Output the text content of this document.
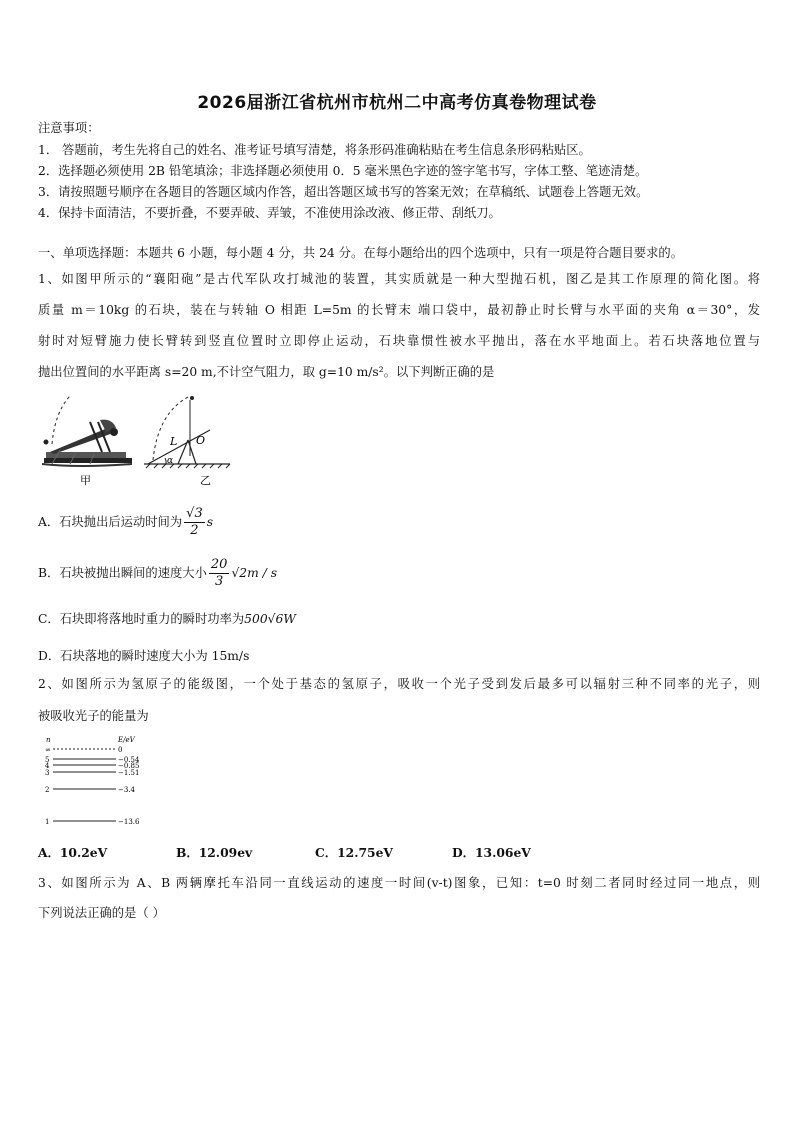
2026届浙江省杭州市杭州二中高考仿真卷物理试卷
注意事项：
1． 答题前，考生先将自己的姓名、准考证号填写清楚，将条形码准确粘贴在考生信息条形码粘贴区。
2．选择题必须使用 2B 铅笔填涂；非选择题必须使用 0．5 毫米黑色字迹的签字笔书写，字体工整、笔迹清楚。
3．请按照题号顺序在各题目的答题区域内作答，超出答题区域书写的答案无效；在草稿纸、试题卷上答题无效。
4．保持卡面清洁，不要折叠，不要弄破、弄皱，不准使用涂改液、修正带、刮纸刀。
一、单项选择题：本题共 6 小题，每小题 4 分，共 24 分。在每小题给出的四个选项中，只有一项是符合题目要求的。
1、如图甲所示的“襄阳砲”是古代军队攻打城池的装置，其实质就是一种大型抛石机，图乙是其工作原理的简化图。将
质量 m＝10kg 的石块，装在与转轴 O 相距 L=5m 的长臂末 端口袋中，最初静止时长臂与水平面的夹角 α＝30°，发
射时对短臂施力使长臂转到竖直位置时立即停止运动，石块靠惯性被水平抛出，落在水平地面上。若石块落地位置与
抛出位置间的水平距离 s=20 m,不计空气阻力，取 g=10 m/s²。以下判断正确的是
L O
α
甲	乙
A．石块抛出后运动时间为 $\frac{√3}{2}$ s
B．石块被抛出瞬间的速度大小 $\frac{20}{3} √2m$ / s
C．石块即将落地时重力的瞬时功率为500√6W
D．石块落地的瞬时速度大小为 15m/s
2、如图所示为氢原子的能级图，一个处于基态的氢原子，吸收一个光子受到发后最多可以辐射三种不同率的光子，则
被吸收光子的能量为
n	E/eV
∞	0
5	−0.54
4	−0.85
3	−1.51
2	−3.4
1	−13.6
A．10.2eV	B．12.09ev	C．12.75eV	D．13.06eV
3、如图所示为 A、B 两辆摩托车沿同一直线运动的速度一时间(v-t)图象，已知：t=0 时刻二者同时经过同一地点，则
下列说法正确的是（ ）
